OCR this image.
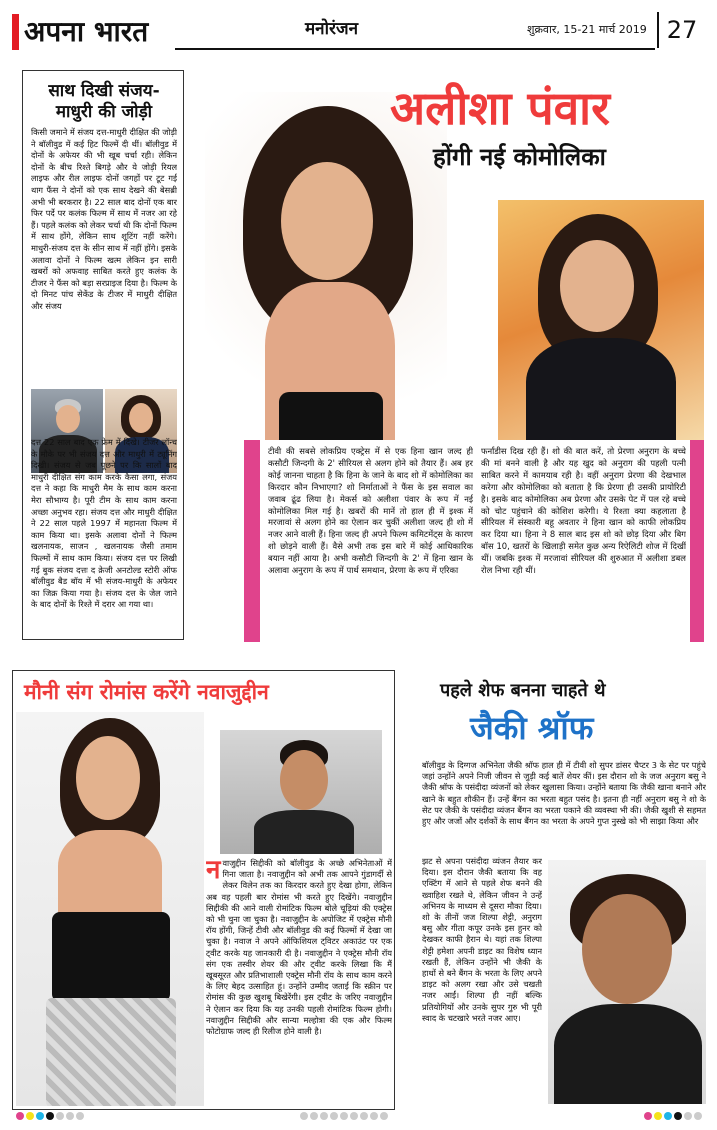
अपना भारत	मनोरंजन	शुक्रवार, 15-21 मार्च 2019 27
साथ दिखी संजय-माधुरी की जोड़ी
किसी जमाने में संजय दत्त-माधुरी दीक्षित की जोड़ी ने बॉलीवुड में कई हिट फिल्में दी थीं। बॉलीवुड में दोनों के अफेयर की भी खूब चर्चा रही। लेकिन दोनों के बीच रिश्ते बिगड़े और ये जोड़ी रियल लाइफ और रील लाइफ दोनों जगहों पर टूट गई थाग फैंस ने दोनों को एक साथ देखने की बेसब्री अभी भी बरकरार है। 22 साल बाद दोनों एक बार फिर पर्दे पर कलंक फिल्म में साथ में नजर आ रहे हैं। पहले कलंक को लेकर चर्चा थी कि दोनों फिल्म में साथ होंगे, लेकिन साथ शूटिंग नहीं करेंगे। माधुरी-संजय दत्त के सीन साथ में नहीं होंगे। इसके अलावा दोनों ने फिल्म खत्म लेकिन इन सारी खबरों को अफवाह साबित करते हुए कलंक के टीजर ने फैंस को बड़ा सरप्राइज दिया है। फिल्म के दो मिनट पांच सेकेंड के टीजर में माधुरी दीक्षित और संजय
दत्त 22 साल बाद एक फ्रेम में दिखे। टीजर लॉन्च के मौके पर भी संजय दत्त और माधुरी में ट्यूनिंग दिखी। संजय से जब पूछने पर कि सालों बाद माधुरी दीक्षित संग काम करके कैसा लगा, संजय दत्त ने कहा कि माधुरी मैम के साथ काम करना मेरा सौभाग्य है। पूरी टीम के साथ काम करना अच्छा अनुभव रहा। संजय दत्त और माधुरी दीक्षित ने 22 साल पहले 1997 में महानता फिल्म में काम किया था। इसके अलावा दोनों ने फिल्म खलनायक, साजन , खलनायक जैसी तमाम फिल्मों में साथ काम किया। संजय दत्त पर लिखी गई बुक संजय दत्तः द क्रेजी अनटोल्ड स्टोरी ऑफ बॉलीवुड बैड बॉय में भी संजय-माधुरी के अफेयर का जिक्र किया गया है। संजय दत्त के जेल जाने के बाद दोनों के रिश्ते में दरार आ गया था।
अलीशा पंवार
होंगी नई कोमोलिका
टीवी की सबसे लोकप्रिय एक्ट्रेस में से एक हिना खान जल्द ही कसौटी जिन्दगी के 2' सीरियल से अलग होने को तैयार हैं। अब हर कोई जानना चाहता है कि हिना के जाने के बाद शो में कोमोलिका का किरदार कौन निभाएगा? शो निर्माताओं ने फैंस के इस सवाल का जवाब ढूंढ लिया है। मेकर्स को अलीशा पंवार के रूप में नई कोमोलिका मिल गई है। खबरों की मानें तो हाल ही में इश्क में मरजावां से अलग होने का ऐलान कर चुकीं अलीशा जल्द ही शो में नजर आने वाली हैं। हिना जल्द ही अपने फिल्म कमिटमेंट्स के कारण शो छोड़ने वाली हैं। वैसे अभी तक इस बारे में कोई आधिकारिक बयान नहीं आया है। अभी कसौटी जिन्दगी के 2' में हिना खान के अलावा अनुराग के रूप में पार्थ समथान, प्रेरणा के रूप में एरिका
फर्नांडीस दिख रही हैं। शो की बात करें, तो प्रेरणा अनुराग के बच्चे की मां बनने वाली है और यह खुद को अनुराग की पहली पत्नी साबित करने में कामयाब रही है। वहीं अनुराग प्रेरणा की देखभाल करेगा और कोमोलिका को बताता है कि प्रेरणा ही उसकी प्रायोरिटी है। इसके बाद कोमोलिका अब प्रेरणा और उसके पेट में पल रहे बच्चे को चोट पहुंचाने की कोशिश करेगी। ये रिश्ता क्या कहलाता है सीरियल में संस्कारी बहू अवतार ने हिना खान को काफी लोकप्रिय कर दिया था। हिना ने 8 साल बाद इस शो को छोड़ दिया और बिग बॉस 10, खतरों के खिलाड़ी समेत कुछ अन्य रिऐलिटी शोज में दिखीं थीं। जबकि इश्क में मरजावां सीरियल की शुरुआत में अलीशा डबल रोल निभा रही थीं।
मौनी संग रोमांस करेंगे नवाजुद्दीन
नवाजुद्दीन सिद्दीकी को बॉलीवुड के अच्छे अभिनेताओं में गिना जाता है। नवाजुद्दीन को अभी तक आपने गुंडागर्दी से लेकर विलेन तक का किरदार करते हुए देखा होगा, लेकिन अब वह पहली बार रोमांस भी करते हुए दिखेंगे। नवाजुद्दीन सिद्दीकी की आने वाली रोमांटिक फिल्म बोले चूड़ियां की एक्ट्रेस को भी चुना जा चुका है। नवाजुद्दीन के अपोजिट में एक्ट्रेस मौनी रॉय होंगी, जिन्हें टीवी और बॉलीवुड की कई फिल्मों में देखा जा चुका है। नवाज ने अपने ऑफिशियल ट्विटर अकाउंट पर एक ट्वीट करके यह जानकारी दी है। नवाजुद्दीन ने एक्ट्रेस मौनी रॉय संग एक तस्वीर शेयर की और ट्वीट करके लिखा कि मैं खूबसूरत और प्रतिभाशाली एक्ट्रेस मौनी रॉय के साथ काम करने के लिए बेहद उत्साहित हूं। उन्होंने उम्मीद जताई कि स्क्रीन पर रोमांस की कुछ खुशबू बिखेरेंगी। इस ट्वीट के जरिए नवाजुद्दीन ने ऐलान कर दिया कि यह उनकी पहली रोमांटिक फिल्म होगी। नवाजुद्दीन सिद्दीकी और सान्या मल्होत्रा की एक और फिल्म फोटोग्राफ जल्द ही रिलीज होने वाली है।
पहले शेफ बनना चाहते थे
जैकी श्रॉफ
बॉलीवुड के दिग्गज अभिनेता जैकी श्रॉफ हाल ही में टीवी शो सुपर डांसर चैप्टर 3 के सेट पर पहुंचे जहां उन्होंने अपने निजी जीवन से जुड़ी कई बातें शेयर कीं। इस दौरान शो के जज अनुराग बसु ने जैकी श्रॉफ के पसंदीदा व्यंजनों को लेकर खुलासा किया। उन्होंने बताया कि जैकी खाना बनाने और खाने के बहुत शौकीन हैं। उन्हें बैंगन का भरता बहुत पसंद है। इतना ही नहीं अनुराग बसु ने शो के सेट पर जैकी के पसंदीदा व्यंजन बैंगन का भरता पकाने की व्यवस्था भी की। जैकी खुशी से सहमत हुए और जजों और दर्शकों के साथ बैंगन का भरता के अपने गुप्त नुस्खे को भी साझा किया और
झट से अपना पसंदीदा व्यंजन तैयार कर दिया। इस दौरान जैकी बताया कि वह एक्टिंग में आने से पहले शेफ बनने की ख्वाहिश रखते थे, लेकिन जीवन ने उन्हें अभिनय के माध्यम से दूसरा मौका दिया। शो के तीनों जज शिल्पा शेट्टी, अनुराग बसु और गीता कपूर उनके इस हुनर को देखकर काफी हैरान थे। यहां तक शिल्पा शेट्टी हमेशा अपनी डाइट का विशेष ध्यान रखती हैं, लेकिन उन्होंने भी जैकी के हाथों से बने बैंगन के भरता के लिए अपने डाइट को अलग रखा और उसे चखती नजर आईं। शिल्पा ही नहीं बल्कि प्रतियोगियों और उनके सुपर गुरु भी पूरी स्वाद के चटखारे भरते नजर आए।
